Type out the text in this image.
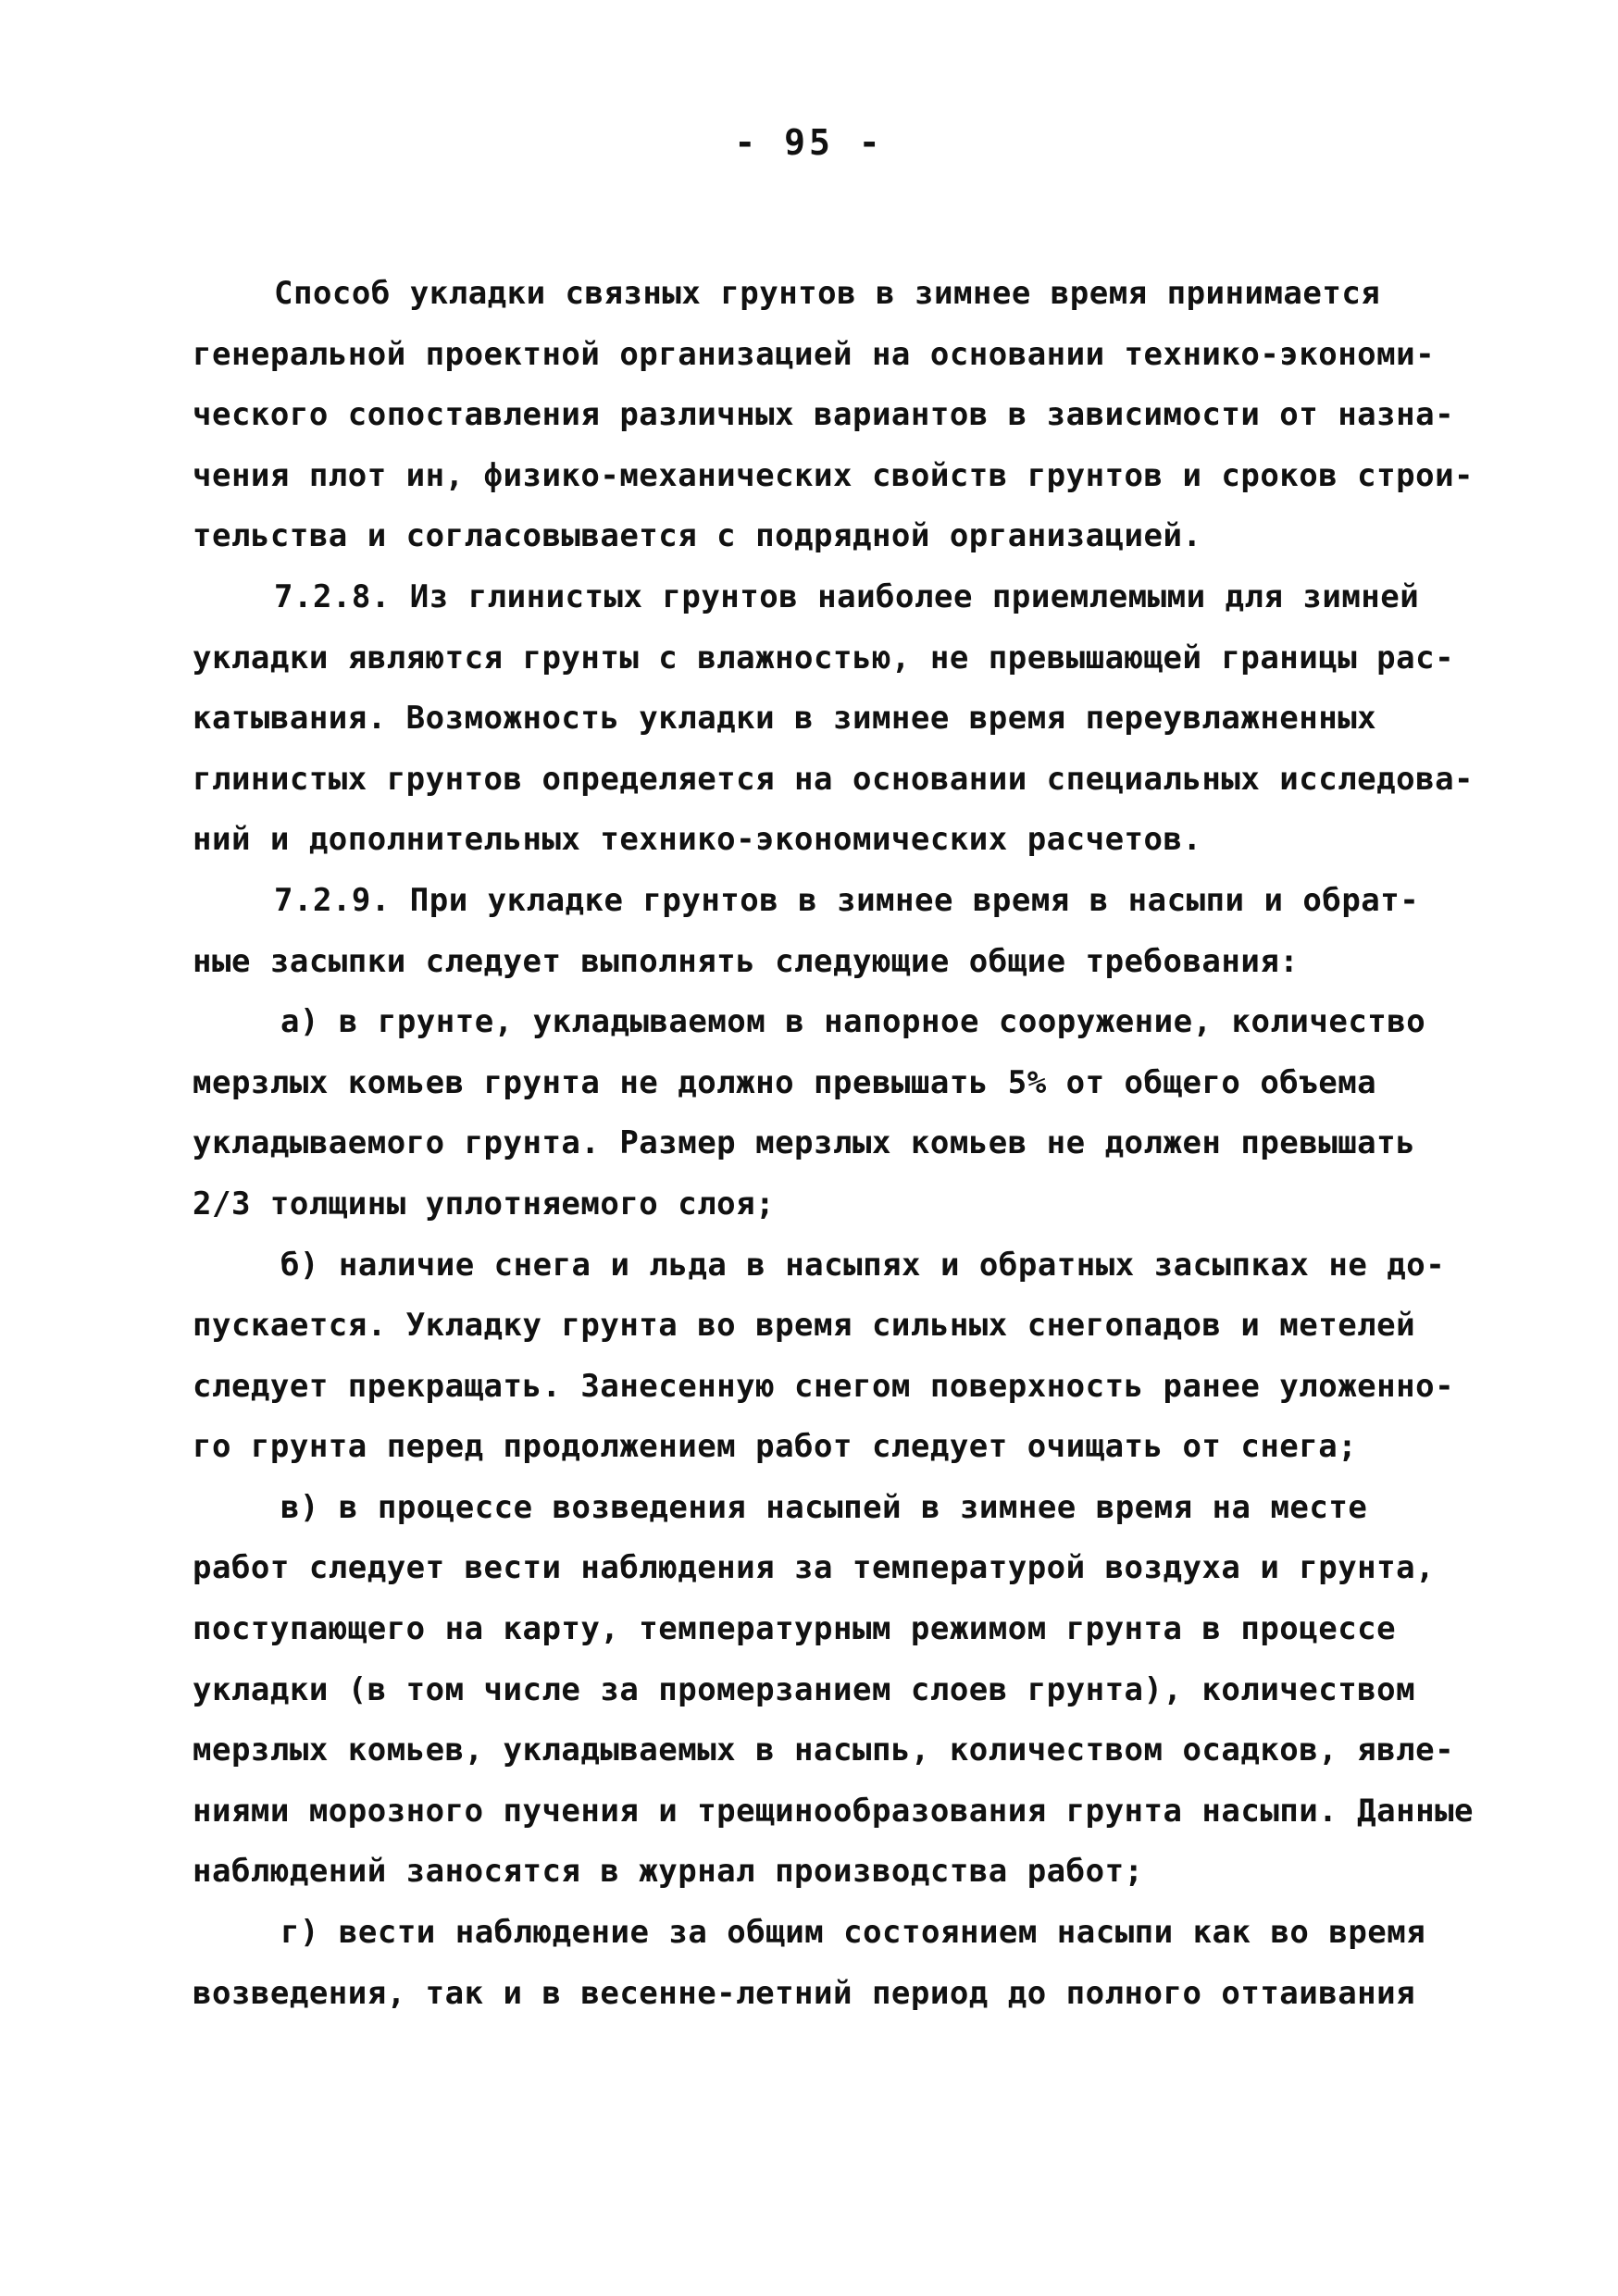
- 95 -
Способ укладки связных грунтов в зимнее время принимается
генеральной проектной организацией на основании технико-экономи-
ческого сопоставления различных вариантов в зависимости от назна-
чения плот ин, физико-механических свойств грунтов и сроков строи-
тельства и согласовывается с подрядной организацией.
7.2.8. Из глинистых грунтов наиболее приемлемыми для зимней
укладки являются грунты с влажностью, не превышающей границы рас-
катывания. Возможность укладки в зимнее время переувлажненных
глинистых грунтов определяется на основании специальных исследова-
ний и дополнительных технико-экономических расчетов.
7.2.9. При укладке грунтов в зимнее время в насыпи и обрат-
ные засыпки следует выполнять следующие общие требования:
а) в грунте, укладываемом в напорное сооружение, количество
мерзлых комьев грунта не должно превышать 5% от общего объема
укладываемого грунта. Размер мерзлых комьев не должен превышать
2/3 толщины уплотняемого слоя;
б) наличие снега и льда в насыпях и обратных засыпках не до-
пускается. Укладку грунта во время сильных снегопадов и метелей
следует прекращать. Занесенную снегом поверхность ранее уложенно-
го грунта перед продолжением работ следует очищать от снега;
в) в процессе возведения насыпей в зимнее время на месте
работ следует вести наблюдения за температурой воздуха и грунта,
поступающего на карту, температурным режимом грунта в процессе
укладки (в том числе за промерзанием слоев грунта), количеством
мерзлых комьев, укладываемых в насыпь, количеством осадков, явле-
ниями морозного пучения и трещинообразования грунта насыпи. Данные
наблюдений заносятся в журнал производства работ;
г) вести наблюдение за общим состоянием насыпи как во время
возведения, так и в весенне-летний период до полного оттаивания
